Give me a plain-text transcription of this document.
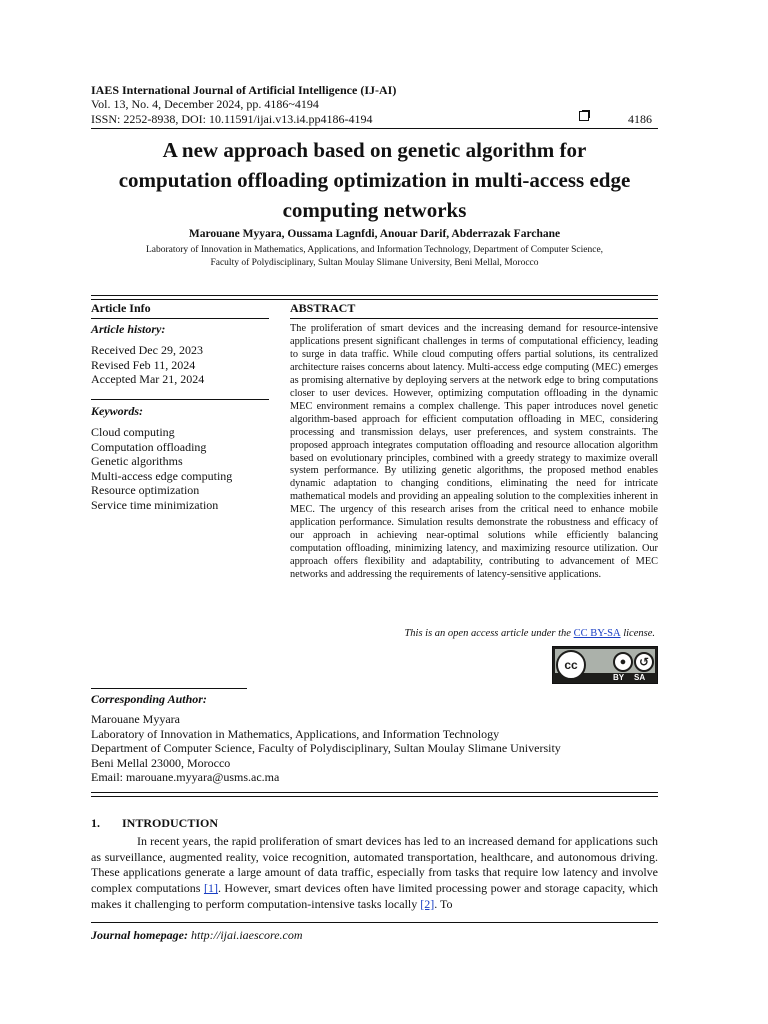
IAES International Journal of Artificial Intelligence (IJ-AI)
Vol. 13, No. 4, December 2024, pp. 4186~4194
ISSN: 2252-8938, DOI: 10.11591/ijai.v13.i4.pp4186-4194	4186
A new approach based on genetic algorithm for
computation offloading optimization in multi-access edge
computing networks
Marouane Myyara, Oussama Lagnfdi, Anouar Darif, Abderrazak Farchane
Laboratory of Innovation in Mathematics, Applications, and Information Technology, Department of Computer Science,
Faculty of Polydisciplinary, Sultan Moulay Slimane University, Beni Mellal, Morocco
Article Info
Article history:
Received Dec 29, 2023
Revised Feb 11, 2024
Accepted Mar 21, 2024
Keywords:
Cloud computing
Computation offloading
Genetic algorithms
Multi-access edge computing
Resource optimization
Service time minimization
ABSTRACT
The proliferation of smart devices and the increasing demand for resource-intensive applications present significant challenges in terms of computational efficiency, leading to surge in data traffic. While cloud computing offers partial solutions, its centralized architecture raises concerns about latency. Multi-access edge computing (MEC) emerges as promising alternative by deploying servers at the network edge to bring computations closer to user devices. However, optimizing computation offloading in the dynamic MEC environment remains a complex challenge. This paper introduces novel genetic algorithm-based approach for efficient computation offloading in MEC, considering processing and transmission delays, user preferences, and system constraints. The proposed approach integrates computation offloading and resource allocation algorithm based on evolutionary principles, combined with a greedy strategy to maximize overall system performance. By utilizing genetic algorithms, the proposed method enables dynamic adaptation to changing conditions, eliminating the need for intricate mathematical models and providing an appealing solution to the complexities inherent in MEC. The urgency of this research arises from the critical need to enhance mobile application performance. Simulation results demonstrate the robustness and efficacy of our approach in achieving near-optimal solutions while efficiently balancing computation offloading, minimizing latency, and maximizing resource utilization. Our approach offers flexibility and adaptability, contributing to advancement of MEC networks and addressing the requirements of latency-sensitive applications.
This is an open access article under the CC BY-SA license.
cc	●	↺
BY SA
Corresponding Author:
Marouane Myyara
Laboratory of Innovation in Mathematics, Applications, and Information Technology
Department of Computer Science, Faculty of Polydisciplinary, Sultan Moulay Slimane University
Beni Mellal 23000, Morocco
Email: marouane.myyara@usms.ac.ma
1. INTRODUCTION
In recent years, the rapid proliferation of smart devices has led to an increased demand for applications such as surveillance, augmented reality, voice recognition, automated transportation, healthcare, and autonomous driving. These applications generate a large amount of data traffic, especially from tasks that require low latency and involve complex computations [1]. However, smart devices often have limited processing power and storage capacity, which makes it challenging to perform computation-intensive tasks locally [2]. To
Journal homepage: http://ijai.iaescore.com
